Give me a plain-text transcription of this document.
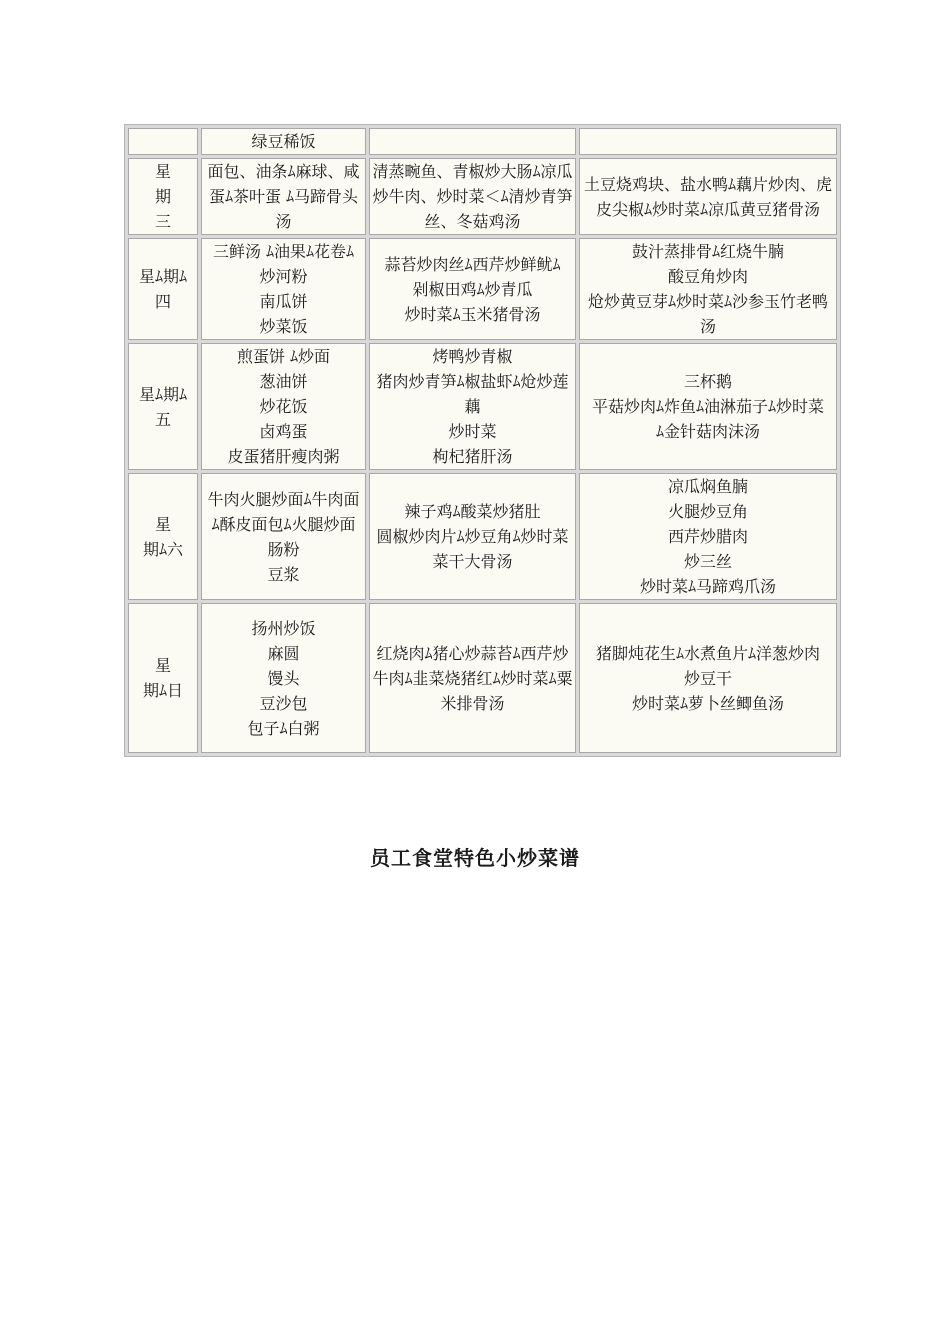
	绿豆稀饭		

星
期
三	面包、油条ﾑ麻球、咸蛋ﾑ茶叶蛋 ﾑ马蹄骨头汤	清蒸畹鱼、青椒炒大肠ﾑ凉瓜炒牛肉、炒时菜＜ﾑ清炒青笋丝、冬菇鸡汤	土豆烧鸡块、盐水鸭ﾑ藕片炒肉、虎皮尖椒ﾑ炒时菜ﾑ凉瓜黄豆猪骨汤

星ﾑ期ﾑ
四	三鲜汤 ﾑ油果ﾑ花卷ﾑ
炒河粉
南瓜饼
炒菜饭	蒜苔炒肉丝ﾑ西芹炒鲜鱿ﾑ
剁椒田鸡ﾑ炒青瓜
炒时菜ﾑ玉米猪骨汤	鼓汁蒸排骨ﾑ红烧牛腩
酸豆角炒肉
炝炒黄豆芽ﾑ炒时菜ﾑ沙参玉竹老鸭汤

星ﾑ期ﾑ
五	煎蛋饼 ﾑ炒面
葱油饼
炒花饭
卤鸡蛋
皮蛋猪肝瘦肉粥	烤鸭炒青椒
猪肉炒青笋ﾑ椒盐虾ﾑ炝炒莲藕
炒时菜
枸杞猪肝汤	三杯鹅
平菇炒肉ﾑ炸鱼ﾑ油淋茄子ﾑ炒时菜
ﾑ金针菇肉沫汤

星
期ﾑ六	牛肉火腿炒面ﾑ牛肉面
ﾑ酥皮面包ﾑ火腿炒面
肠粉
豆浆	辣子鸡ﾑ酸菜炒猪肚
圆椒炒肉片ﾑ炒豆角ﾑ炒时菜
菜干大骨汤	凉瓜焖鱼腩
火腿炒豆角
西芹炒腊肉
炒三丝
炒时菜ﾑ马蹄鸡爪汤

星
期ﾑ日	扬州炒饭
麻圆
馒头
豆沙包
包子ﾑ白粥	红烧肉ﾑ猪心炒蒜苔ﾑ西芹炒牛肉ﾑ韭菜烧猪红ﾑ炒时菜ﾑ粟米排骨汤	猪脚炖花生ﾑ水煮鱼片ﾑ洋葱炒肉
炒豆干
炒时菜ﾑ萝卜丝鲫鱼汤
员工食堂特色小炒菜谱
